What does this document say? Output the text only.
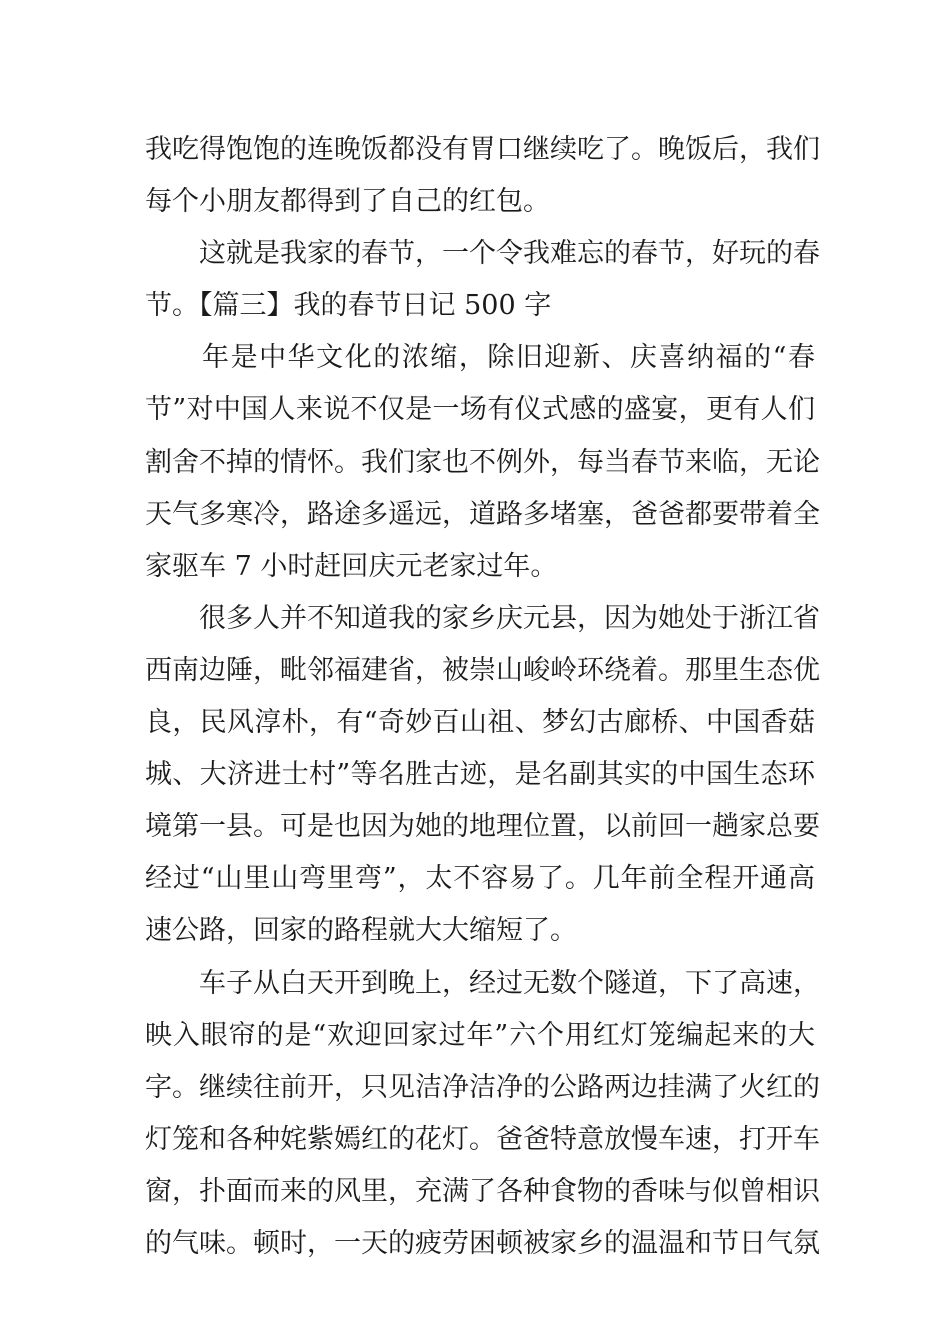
我吃得饱饱的连晚饭都没有胃口继续吃了。晚饭后，我们
每个小朋友都得到了自己的红包。
　　这就是我家的春节，一个令我难忘的春节，好玩的春
节。【篇三】我的春节日记 500 字
　　年是中华文化的浓缩，除旧迎新、庆喜纳福的“春
节”对中国人来说不仅是一场有仪式感的盛宴，更有人们
割舍不掉的情怀。我们家也不例外，每当春节来临，无论
天气多寒冷，路途多遥远，道路多堵塞，爸爸都要带着全
家驱车 7 小时赶回庆元老家过年。
　　很多人并不知道我的家乡庆元县，因为她处于浙江省
西南边陲，毗邻福建省，被崇山峻岭环绕着。那里生态优
良，民风淳朴，有“奇妙百山祖、梦幻古廊桥、中国香菇
城、大济进士村”等名胜古迹，是名副其实的中国生态环
境第一县。可是也因为她的地理位置，以前回一趟家总要
经过“山里山弯里弯”，太不容易了。几年前全程开通高
速公路，回家的路程就大大缩短了。
　　车子从白天开到晚上，经过无数个隧道，下了高速，
映入眼帘的是“欢迎回家过年”六个用红灯笼编起来的大
字。继续往前开，只见洁净洁净的公路两边挂满了火红的
灯笼和各种姹紫嫣红的花灯。爸爸特意放慢车速，打开车
窗，扑面而来的风里，充满了各种食物的香味与似曾相识
的气味。顿时，一天的疲劳困顿被家乡的温温和节日气氛
